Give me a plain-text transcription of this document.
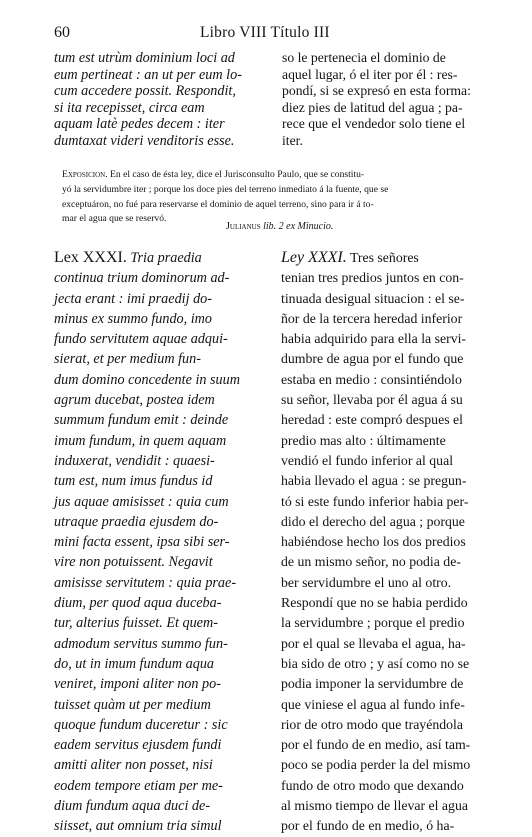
60	Libro VIII Título III
tum est utrùm dominium loci ad
eum pertineat : an ut per eum lo-
cum accedere possit. Respondit,
si ita recepisset, circa eam
aquam latè pedes decem : iter
dumtaxat videri venditoris esse.
so le pertenecia el dominio de
aquel lugar, ó el iter por él : res-
pondí, si se expresó en esta forma:
diez pies de latitud del agua ; pa-
rece que el vendedor solo tiene el
iter.
Exposicion. En el caso de ésta ley, dice el Jurisconsulto Paulo, que se constitu-
yó la servidumbre iter ; porque los doce pies del terreno inmediato á la fuente, que se
exceptuáron, no fué para reservarse el dominio de aquel terreno, sino para ir á to-
mar el agua que se reservó.
Julianus lib. 2 ex Minucio.
Lex XXXI. Tria praedia
continua trium dominorum ad-
jecta erant : imi praedij do-
minus ex summo fundo, imo
fundo servitutem aquae adqui-
sierat, et per medium fun-
dum domino concedente in suum
agrum ducebat, postea idem
summum fundum emit : deinde
imum fundum, in quem aquam
induxerat, vendidit : quaesi-
tum est, num imus fundus id
jus aquae amisisset : quia cum
utraque praedia ejusdem do-
mini facta essent, ipsa sibi ser-
vire non potuissent. Negavit
amisisse servitutem : quia prae-
dium, per quod aqua duceba-
tur, alterius fuisset. Et quem-
admodum servitus summo fun-
do, ut in imum fundum aqua
veniret, imponi aliter non po-
tuisset quàm ut per medium
quoque fundum duceretur : sic
eadem servitus ejusdem fundi
amitti aliter non posset, nisi
eodem tempore etiam per me-
dium fundum aqua duci de-
siisset, aut omnium tria simul
Ley XXXI. Tres señores
tenian tres predios juntos en con-
tinuada desigual situacion : el se-
ñor de la tercera heredad inferior
habia adquirido para ella la servi-
dumbre de agua por el fundo que
estaba en medio : consintiéndolo
su señor, llevaba por él agua á su
heredad : este compró despues el
predio mas alto : últimamente
vendió el fundo inferior al qual
habia llevado el agua : se pregun-
tó si este fundo inferior habia per-
dido el derecho del agua ; porque
habiéndose hecho los dos predios
de un mismo señor, no podia de-
ber servidumbre el uno al otro.
Respondí que no se habia perdido
la servidumbre ; porque el predio
por el qual se llevaba el agua, ha-
bia sido de otro ; y así como no se
podia imponer la servidumbre de
que viniese el agua al fundo infe-
rior de otro modo que trayéndola
por el fundo de en medio, así tam-
poco se podia perder la del mismo
fundo de otro modo que dexando
al mismo tiempo de llevar el agua
por el fundo de en medio, ó ha-
